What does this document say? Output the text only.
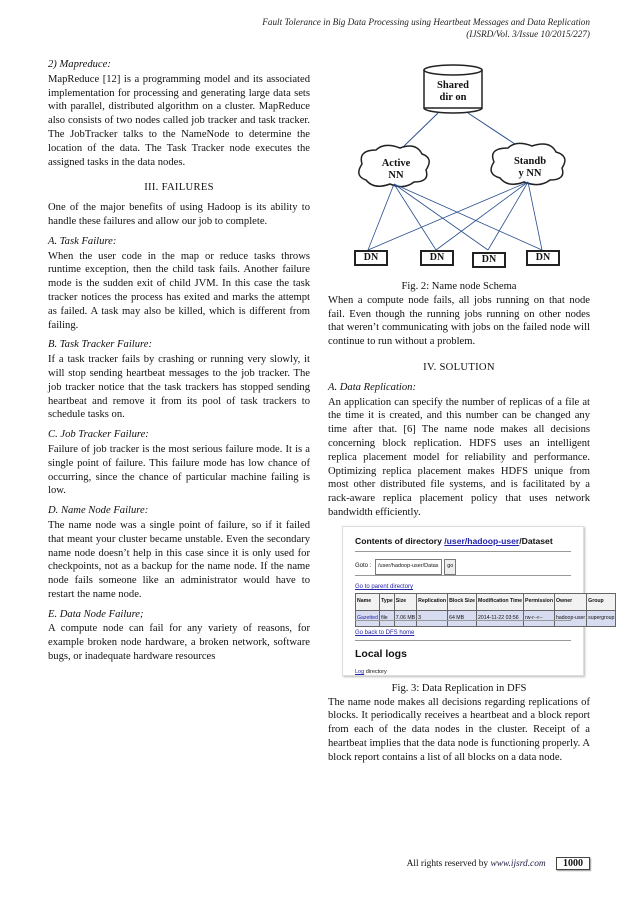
Fault Tolerance in Big Data Processing using Heartbeat Messages and Data Replication
(IJSRD/Vol. 3/Issue 10/2015/227)
2) Mapreduce:

MapReduce [12] is a programming model and its associated implementation for processing and generating large data sets with parallel, distributed algorithm on a cluster. MapReduce also consists of two nodes called job tracker and task tracker. The JobTracker talks to the NameNode to determine the location of the data. The Task Tracker node executes the assigned tasks in the data nodes.

III. FAILURES

One of the major benefits of using Hadoop is its ability to handle these failures and allow our job to complete.

A. Task Failure:

When the user code in the map or reduce tasks throws runtime exception, then the child task fails. Another failure mode is the sudden exit of child JVM. In this case the task tracker notices the process has exited and marks the attempt as failed. A task may also be killed, which is different from failing.

B. Task Tracker Failure:

If a task tracker fails by crashing or running very slowly, it will stop sending heartbeat messages to the job tracker. The job tracker notice that the task trackers has stopped sending heartbeat and remove it from its pool of task trackers to schedule tasks on.

C. Job Tracker Failure:

Failure of job tracker is the most serious failure mode. It is a single point of failure. This failure mode has low chance of occurring, since the chance of particular machine failing is low.

D. Name Node Failure:

The name node was a single point of failure, so if it failed that meant your cluster became unstable. Even the secondary name node doesn’t help in this case since it is only used for checkpoints, not as a backup for the name node. If the name node fails someone like an administrator would have to restart the name node.

E. Data Node Failure;

A compute node can fail for any variety of reasons, for example broken node hardware, a broken network, software bugs, or inadequate hardware resources

Shared
dir on
Active
NN
Standb
y NN
DN	DN	DN	DN

Fig. 2: Name node Schema

When a compute node fails, all jobs running on that node fail. Even though the running jobs running on other nodes that weren’t communicating with jobs on the failed node will continue to run without a problem.

IV. SOLUTION
A. Data Replication:

An application can specify the number of replicas of a file at the time it is created, and this number can be changed any time after that. [6] The name node makes all decisions concerning block replication. HDFS uses an intelligent replica placement model for reliability and performance. Optimizing replica placement makes HDFS unique from most other distributed file systems, and is facilitated by a rack-aware replica placement policy that uses network bandwidth efficiently.

Contents of directory /user/hadoop-user/Dataset
Goto : /user/hadoop-user/Datas go
Go to parent directory
Name	Type	Size	Replication	Block Size	Modification Time	Permission	Owner	Group
Gazetted	file	7.06 MB	3	64 MB	2014-11-22 03:56	rw-r--r--	hadoop-user	supergroup
Go back to DFS home
Local logs
Log directory

Fig. 3: Data Replication in DFS

The name node makes all decisions regarding replications of blocks. It periodically receives a heartbeat and a block report from each of the data nodes in the cluster. Receipt of a heartbeat implies that the data node is functioning properly. A block report contains a list of all blocks on a data node.

All rights reserved by www.ijsrd.com 1000
